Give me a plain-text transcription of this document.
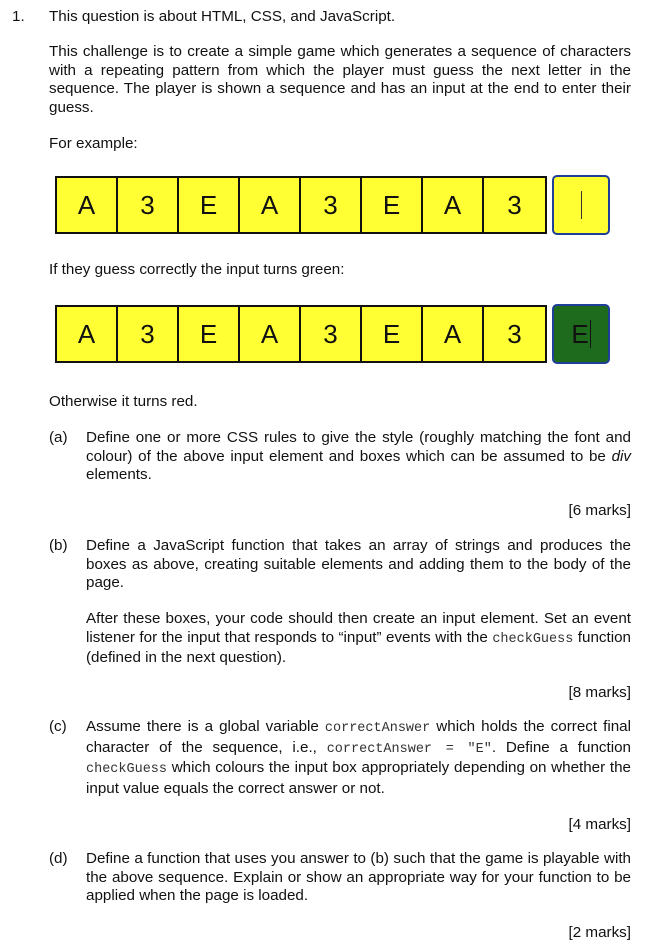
1. This question is about HTML, CSS, and JavaScript.
This challenge is to create a simple game which generates a sequence of characters with a repeating pattern from which the player must guess the next letter in the sequence. The player is shown a sequence and has an input at the end to enter their guess.
For example:
A	3	E	A	3	E	A	3
If they guess correctly the input turns green:
A	3	E	A	3	E	A	3	E
Otherwise it turns red.
(a) Define one or more CSS rules to give the style (roughly matching the font and colour) of the above input element and boxes which can be assumed to be div elements.
[6 marks]
(b) Define a JavaScript function that takes an array of strings and produces the boxes as above, creating suitable elements and adding them to the body of the page.
After these boxes, your code should then create an input element. Set an event listener for the input that responds to “input” events with the checkGuess function (defined in the next question).
[8 marks]
(c) Assume there is a global variable correctAnswer which holds the correct final character of the sequence, i.e., correctAnswer = "E". Define a function checkGuess which colours the input box appropriately depending on whether the input value equals the correct answer or not.
[4 marks]
(d) Define a function that uses you answer to (b) such that the game is playable with the above sequence. Explain or show an appropriate way for your function to be applied when the page is loaded.
[2 marks]
